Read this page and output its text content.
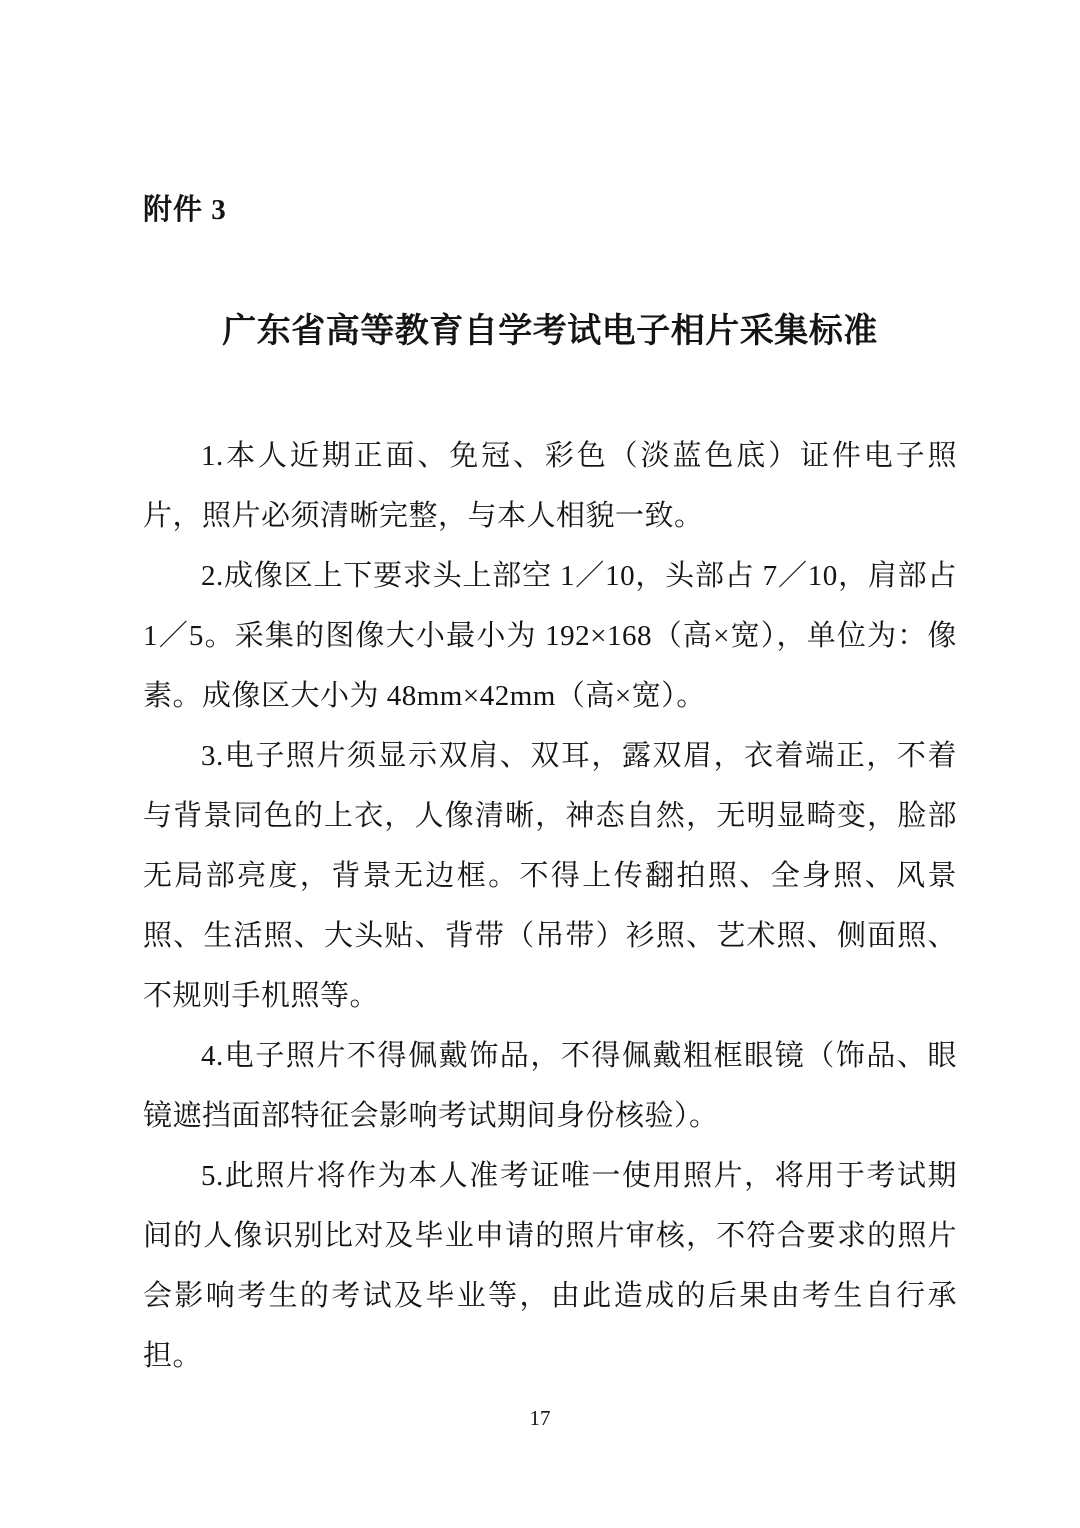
附件 3
广东省高等教育自学考试电子相片采集标准

1.本人近期正面、免冠、彩色（淡蓝色底）证件电子照片，照片必须清晰完整，与本人相貌一致。

2.成像区上下要求头上部空 1／10，头部占 7／10，肩部占 1／5。采集的图像大小最小为 192×168（高×宽），单位为：像素。成像区大小为 48mm×42mm（高×宽）。

3.电子照片须显示双肩、双耳，露双眉，衣着端正，不着与背景同色的上衣，人像清晰，神态自然，无明显畸变，脸部无局部亮度，背景无边框。不得上传翻拍照、全身照、风景照、生活照、大头贴、背带（吊带）衫照、艺术照、侧面照、不规则手机照等。

4.电子照片不得佩戴饰品，不得佩戴粗框眼镜（饰品、眼镜遮挡面部特征会影响考试期间身份核验）。

5.此照片将作为本人准考证唯一使用照片，将用于考试期间的人像识别比对及毕业申请的照片审核，不符合要求的照片会影响考生的考试及毕业等，由此造成的后果由考生自行承担。

17
